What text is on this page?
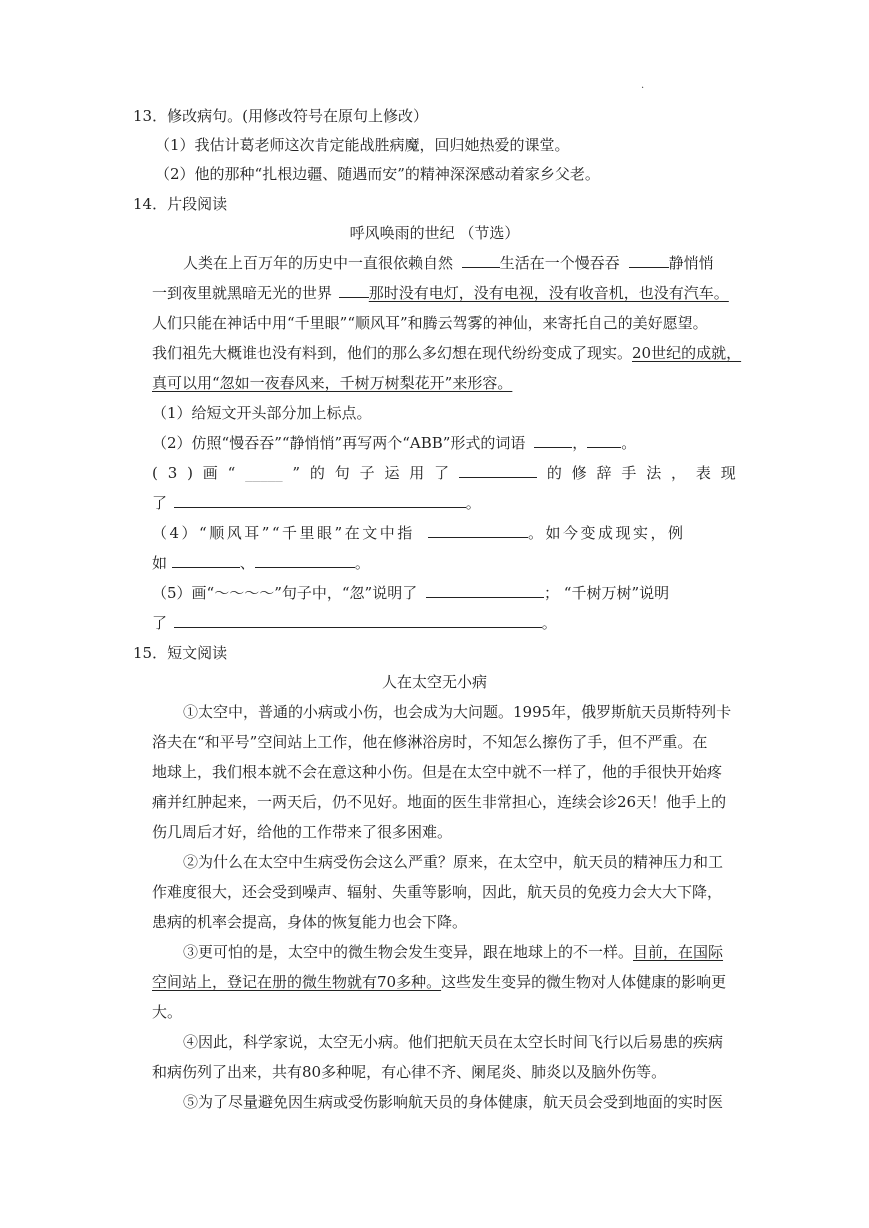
.
13．修改病句。(用修改符号在原句上修改）
（1）我估计葛老师这次肯定能战胜病魔，回归她热爱的课堂。
（2）他的那种“扎根边疆、随遇而安”的精神深深感动着家乡父老。
14．片段阅读
呼风唤雨的世纪 （节选）
人类在上百万年的历史中一直很依赖自然	生活在一个慢吞吞	静悄悄
一到夜里就黑暗无光的世界 那时没有电灯，没有电视，没有收音机，也没有汽车。
人们只能在神话中用“千里眼”“顺风耳”和腾云驾雾的神仙，来寄托自己的美好愿望。
我们祖先大概谁也没有料到，他们的那么多幻想在现代纷纷变成了现实。20世纪的成就，
真可以用“忽如一夜春风来，千树万树梨花开”来形容。
（1）给短文开头部分加上标点。
（2）仿照“慢吞吞”“静悄悄”再写两个“ABB”形式的词语	， 。
( 3 ) 画 “ _____ ” 的 句 子 运 用 了	的 修 辞 手 法 ， 表 现
了	。
（4）“顺风耳”“千里眼”在文中指	。如今变成现实，例
如	、	。
（5）画“～～～～”句子中，“忽”说明了	； “千树万树”说明
了	。
15．短文阅读
人在太空无小病
①太空中，普通的小病或小伤，也会成为大问题。1995年，俄罗斯航天员斯特列卡
洛夫在“和平号”空间站上工作，他在修淋浴房时，不知怎么擦伤了手，但不严重。在
地球上，我们根本就不会在意这种小伤。但是在太空中就不一样了，他的手很快开始疼
痛并红肿起来，一两天后，仍不见好。地面的医生非常担心，连续会诊26天！他手上的
伤几周后才好，给他的工作带来了很多困难。
②为什么在太空中生病受伤会这么严重？原来，在太空中，航天员的精神压力和工
作难度很大，还会受到噪声、辐射、失重等影响，因此，航天员的免疫力会大大下降，
患病的机率会提高，身体的恢复能力也会下降。
③更可怕的是，太空中的微生物会发生变异，跟在地球上的不一样。目前，在国际
空间站上，登记在册的微生物就有70多种。这些发生变异的微生物对人体健康的影响更
大。
④因此，科学家说，太空无小病。他们把航天员在太空长时间飞行以后易患的疾病
和病伤列了出来，共有80多种呢，有心律不齐、阑尾炎、肺炎以及脑外伤等。
⑤为了尽量避免因生病或受伤影响航天员的身体健康，航天员会受到地面的实时医
